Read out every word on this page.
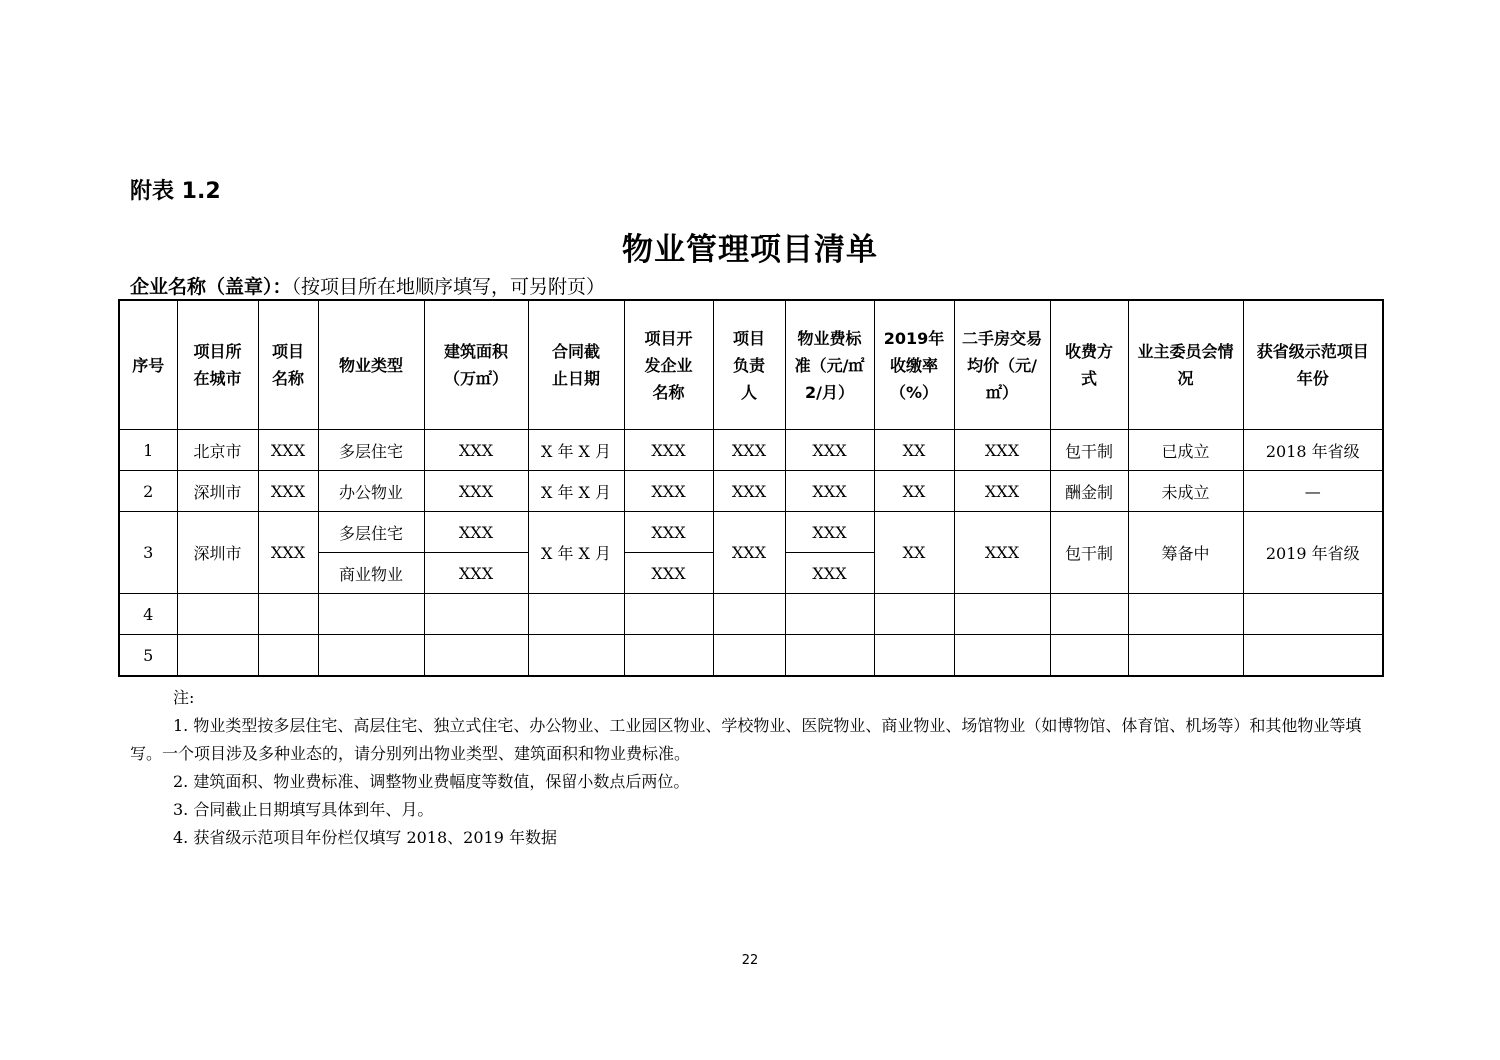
附表 1.2
物业管理项目清单
企业名称（盖章）：（按项目所在地顺序填写，可另附页）
序号	项目所在城市	项目名称	物业类型	建筑面积（万㎡）	合同截止日期	项目开发企业名称	项目负责人	物业费标准（元/㎡2/月）	2019年收缴率（%）	二手房交易均价（元/㎡）	收费方式	业主委员会情况	获省级示范项目年份

1	北京市	XXX	多层住宅	XXX	X 年 X 月	XXX	XXX	XXX	XX	XXX	包干制	已成立	2018 年省级
2	深圳市	XXX	办公物业	XXX	X 年 X 月	XXX	XXX	XXX	XX	XXX	酬金制	未成立	—
3	深圳市	XXX	多层住宅	XXX	X 年 X 月	XXX	XXX	XXX	XX	XXX	包干制	筹备中	2019 年省级
			商业物业	XXX		XXX		XXX					
4													
5													

注:

1. 物业类型按多层住宅、高层住宅、独立式住宅、办公物业、工业园区物业、学校物业、医院物业、商业物业、场馆物业（如博物馆、体育馆、机场等）和其他物业等填写。一个项目涉及多种业态的，请分别列出物业类型、建筑面积和物业费标准。

2. 建筑面积、物业费标准、调整物业费幅度等数值，保留小数点后两位。

3. 合同截止日期填写具体到年、月。

4. 获省级示范项目年份栏仅填写 2018、2019 年数据

22
